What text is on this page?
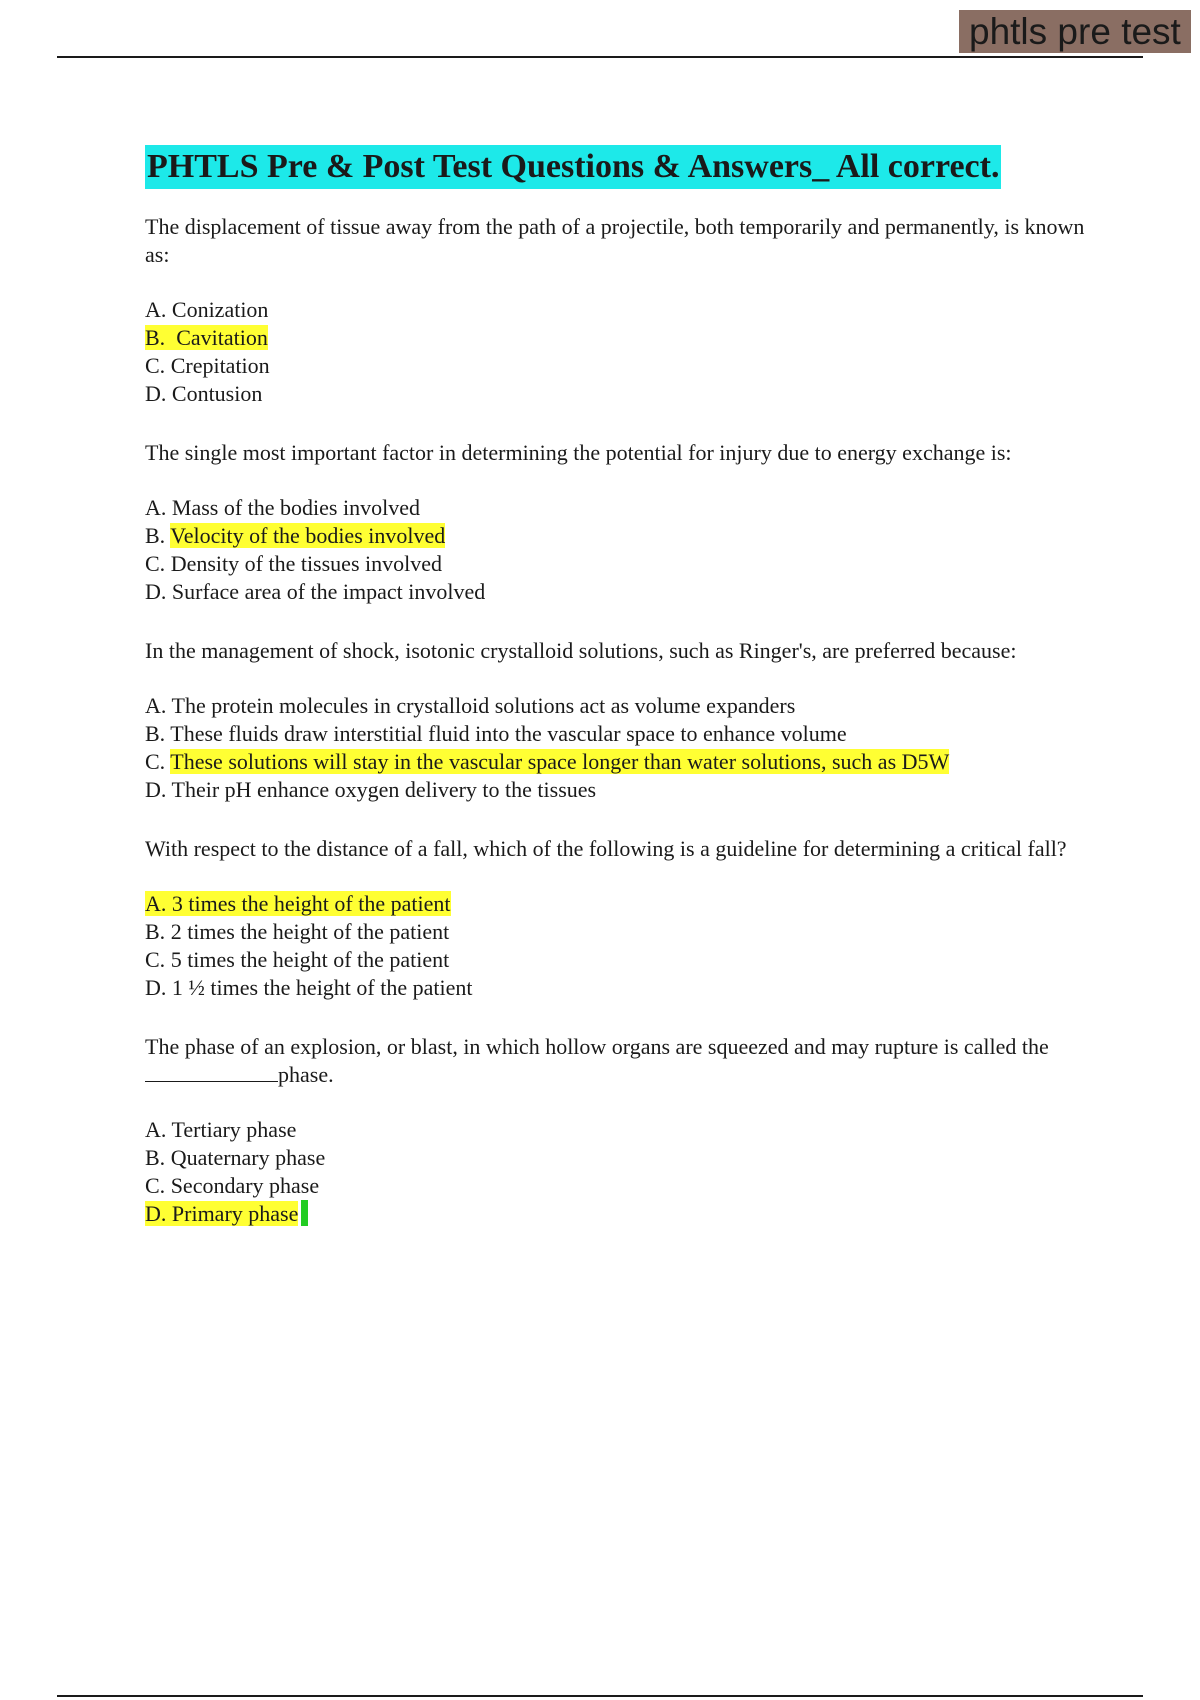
phtls pre test
PHTLS Pre & Post Test Questions & Answers_ All correct.

The displacement of tissue away from the path of a projectile, both temporarily and permanently, is known as:

A. Conization
B. Cavitation
C. Crepitation
D. Contusion

The single most important factor in determining the potential for injury due to energy exchange is:

A. Mass of the bodies involved
B. Velocity of the bodies involved
C. Density of the tissues involved
D. Surface area of the impact involved

In the management of shock, isotonic crystalloid solutions, such as Ringer's, are preferred because:

A. The protein molecules in crystalloid solutions act as volume expanders
B. These fluids draw interstitial fluid into the vascular space to enhance volume
C. These solutions will stay in the vascular space longer than water solutions, such as D5W
D. Their pH enhance oxygen delivery to the tissues

With respect to the distance of a fall, which of the following is a guideline for determining a critical fall?

A. 3 times the height of the patient
B. 2 times the height of the patient
C. 5 times the height of the patient
D. 1 ½ times the height of the patient

The phase of an explosion, or blast, in which hollow organs are squeezed and may rupture is called thephase.

A. Tertiary phase
B. Quaternary phase
C. Secondary phase
D. Primary phase
